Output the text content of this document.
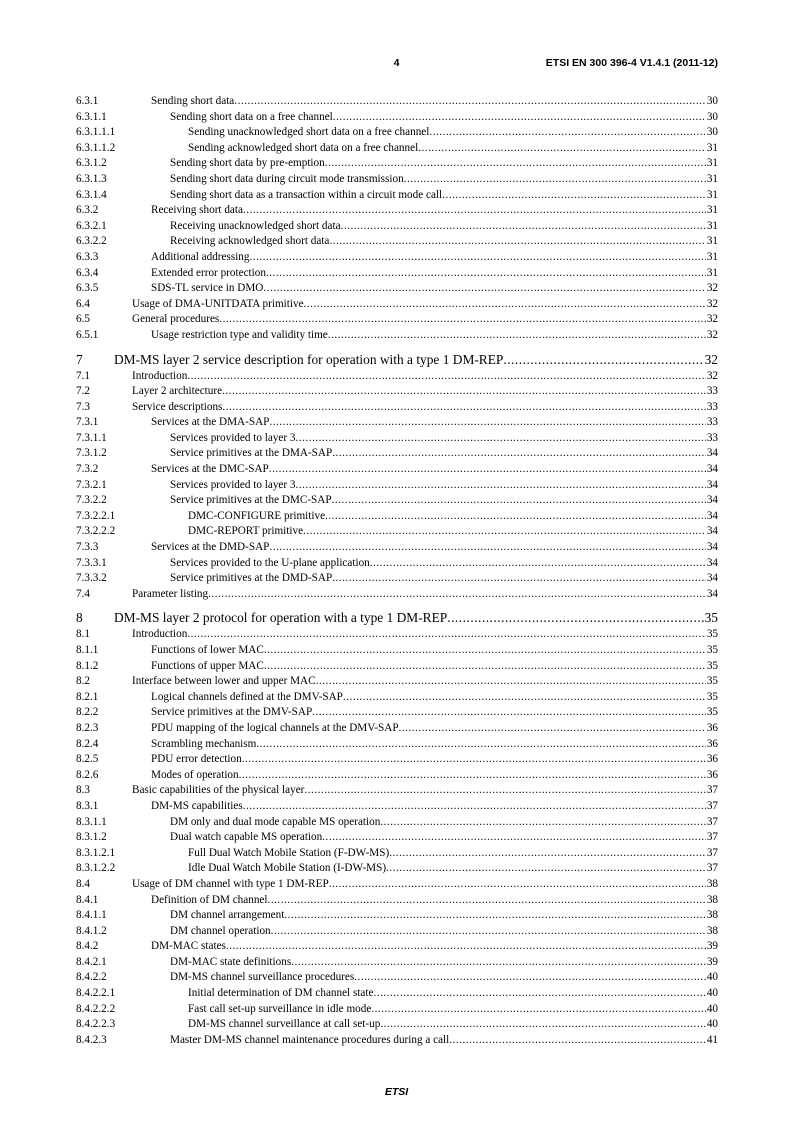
4	ETSI EN 300 396-4 V1.4.1 (2011-12)
6.3.1	Sending short data .....	30
6.3.1.1	Sending short data on a free channel .....	30
6.3.1.1.1	Sending unacknowledged short data on a free channel .....	30
6.3.1.1.2	Sending acknowledged short data on a free channel .....	31
6.3.1.2	Sending short data by pre-emption .....	31
6.3.1.3	Sending short data during circuit mode transmission .....	31
6.3.1.4	Sending short data as a transaction within a circuit mode call .....	31
6.3.2	Receiving short data .....	31
6.3.2.1	Receiving unacknowledged short data .....	31
6.3.2.2	Receiving acknowledged short data .....	31
6.3.3	Additional addressing .....	31
6.3.4	Extended error protection .....	31
6.3.5	SDS-TL service in DMO .....	32
6.4	Usage of DMA-UNITDATA primitive .....	32
6.5	General procedures .....	32
6.5.1	Usage restriction type and validity time .....	32
7 DM-MS layer 2 service description for operation with a type 1 DM-REP .....	32
7.1	Introduction .....	32
7.2	Layer 2 architecture .....	33
7.3	Service descriptions .....	33
7.3.1	Services at the DMA-SAP .....	33
7.3.1.1	Services provided to layer 3 .....	33
7.3.1.2	Service primitives at the DMA-SAP .....	34
7.3.2	Services at the DMC-SAP .....	34
7.3.2.1	Services provided to layer 3 .....	34
7.3.2.2	Service primitives at the DMC-SAP .....	34
7.3.2.2.1	DMC-CONFIGURE primitive .....	34
7.3.2.2.2	DMC-REPORT primitive .....	34
7.3.3	Services at the DMD-SAP .....	34
7.3.3.1	Services provided to the U-plane application .....	34
7.3.3.2	Service primitives at the DMD-SAP .....	34
7.4	Parameter listing .....	34
8 DM-MS layer 2 protocol for operation with a type 1 DM-REP .....	35
8.1	Introduction .....	35
8.1.1	Functions of lower MAC .....	35
8.1.2	Functions of upper MAC .....	35
8.2	Interface between lower and upper MAC .....	35
8.2.1	Logical channels defined at the DMV-SAP .....	35
8.2.2	Service primitives at the DMV-SAP .....	35
8.2.3	PDU mapping of the logical channels at the DMV-SAP .....	36
8.2.4	Scrambling mechanism .....	36
8.2.5	PDU error detection .....	36
8.2.6	Modes of operation .....	36
8.3	Basic capabilities of the physical layer .....	37
8.3.1	DM-MS capabilities .....	37
8.3.1.1	DM only and dual mode capable MS operation .....	37
8.3.1.2	Dual watch capable MS operation .....	37
8.3.1.2.1	Full Dual Watch Mobile Station (F-DW-MS) .....	37
8.3.1.2.2	Idle Dual Watch Mobile Station (I-DW-MS) .....	37
8.4	Usage of DM channel with type 1 DM-REP .....	38
8.4.1	Definition of DM channel .....	38
8.4.1.1	DM channel arrangement .....	38
8.4.1.2	DM channel operation .....	38
8.4.2	DM-MAC states .....	39
8.4.2.1	DM-MAC state definitions .....	39
8.4.2.2	DM-MS channel surveillance procedures .....	40
8.4.2.2.1	Initial determination of DM channel state .....	40
8.4.2.2.2	Fast call set-up surveillance in idle mode .....	40
8.4.2.2.3	DM-MS channel surveillance at call set-up .....	40
8.4.2.3	Master DM-MS channel maintenance procedures during a call .....	41
ETSI
